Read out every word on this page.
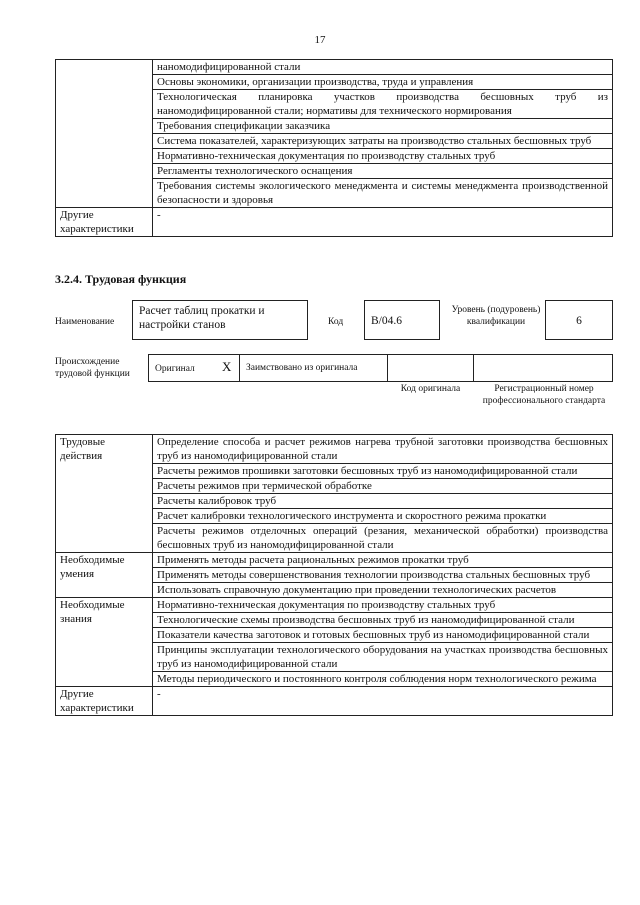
17
	наномодифицированной стали
	Основы экономики, организации производства, труда и управления
	Технологическая планировка участков производства бесшовных труб из наномодифицированной стали; нормативы для технического нормирования
	Требования спецификации заказчика
	Система показателей, характеризующих затраты на производство стальных бесшовных труб
	Нормативно-техническая документация по производству стальных труб
	Регламенты технологического оснащения
	Требования системы экологического менеджмента и системы менеджмента производственной безопасности и здоровья
Другие характеристики	-
3.2.4. Трудовая функция
Наименование
Расчет таблиц прокатки и настройки станов	Код	B/04.6
Уровень (подуровень) квалификации	6
Происхождение трудовой функции	Оригинал X Заимствовано из оригинала
Код оригинала	Регистрационный номер профессионального стандарта
Трудовые действия	Определение способа и расчет режимов нагрева трубной заготовки производства бесшовных труб из наномодифицированной стали
	Расчеты режимов прошивки заготовки бесшовных труб из наномодифицированной стали
	Расчеты режимов при термической обработке
	Расчеты калибровок труб
	Расчет калибровки технологического инструмента и скоростного режима прокатки
	Расчеты режимов отделочных операций (резания, механической обработки) производства бесшовных труб из наномодифицированной стали
Необходимые умения	Применять методы расчета рациональных режимов прокатки труб
	Применять методы совершенствования технологии производства стальных бесшовных труб
	Использовать справочную документацию при проведении технологических расчетов
Необходимые знания	Нормативно-техническая документация по производству стальных труб
	Технологические схемы производства бесшовных труб из наномодифицированной стали
	Показатели качества заготовок и готовых бесшовных труб из наномодифицированной стали
	Принципы эксплуатации технологического оборудования на участках производства бесшовных труб из наномодифицированной стали
	Методы периодического и постоянного контроля соблюдения норм технологического режима
Другие характеристики	-
